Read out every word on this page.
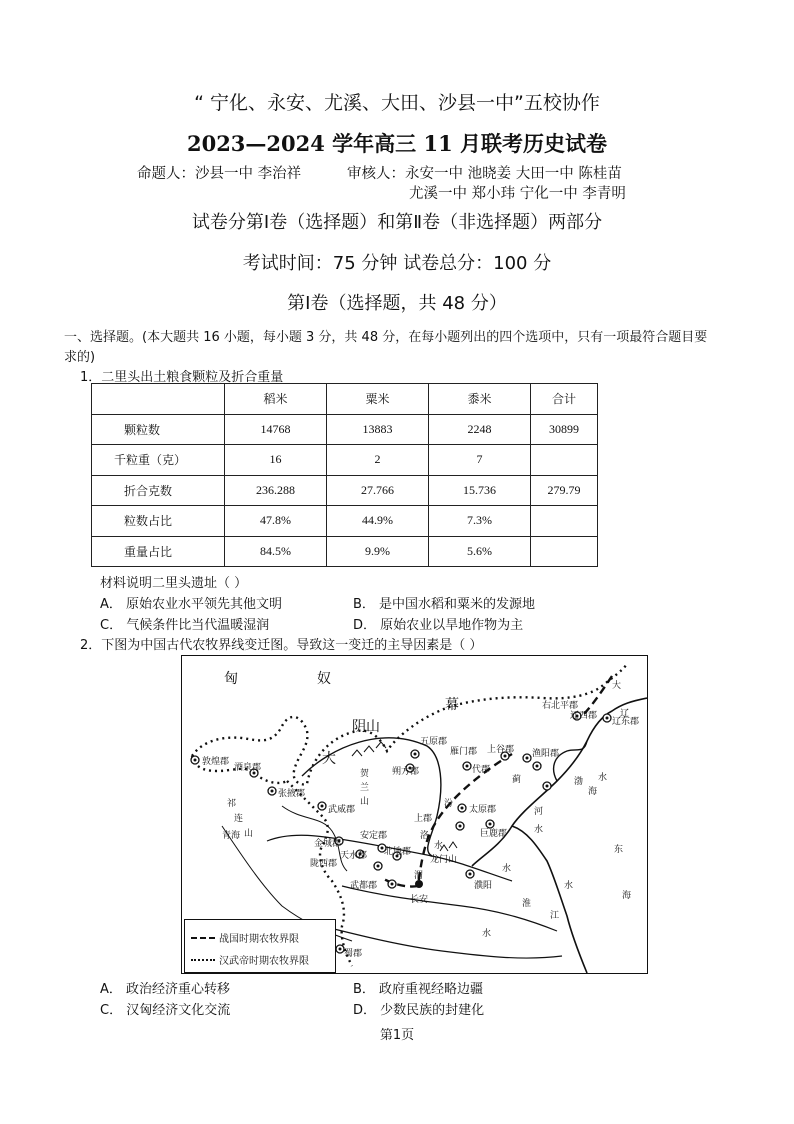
“ 宁化、永安、尤溪、大田、沙县一中”五校协作
2023—2024 学年高三 11 月联考历史试卷
命题人：沙县一中 李治祥	审核人：永安一中 池晓姜 大田一中 陈桂苗
尤溪一中 郑小玮 宁化一中 李青明
试卷分第Ⅰ卷（选择题）和第Ⅱ卷（非选择题）两部分
考试时间：75 分钟 试卷总分：100 分
第Ⅰ卷（选择题，共 48 分）
一、选择题。(本大题共 16 小题，每小题 3 分，共 48 分，在每小题列出的四个选项中，只有一项最符合题目要
求的)
1．二里头出土粮食颗粒及折合重量
	稻米	粟米	黍米	合计
颗粒数	14768	13883	2248	30899
千粒重（克）	16	2	7	
折合克数	236.288	27.766	15.736	279.79
粒数占比	47.8%	44.9%	7.3%	
重量占比	84.5%	9.9%	5.6%	
材料说明二里头遗址（ ）
A． 原始农业水平领先其他文明	B． 是中国水稻和粟米的发源地
C． 气候条件比当代温暖湿润	D． 原始农业以旱地作物为主
2．下图为中国古代农牧界线变迁图。导致这一变迁的主导因素是（ ）
匈	奴
幕
阴山
大
贺
兰
山
祁
连
山
青海
敦煌郡
酒泉郡
张掖郡
武威郡
金城郡
陇西郡
天水郡
安定郡
北地郡
上郡
五原郡
朔方郡
雁门郡
代郡
上谷郡 渔阳郡
蓟
右北平郡
辽西郡
辽东郡
太原郡
巨鹿郡
龙门山
长安
濮阳
武都郡
蜀郡
渤
海
东
海
河
水
水
水
水
水
水
淮
江
大
辽
汾
渭
洛
战国时期农牧界限
汉武帝时期农牧界限
A． 政治经济重心转移	B． 政府重视经略边疆
C． 汉匈经济文化交流	D． 少数民族的封建化
第1页
